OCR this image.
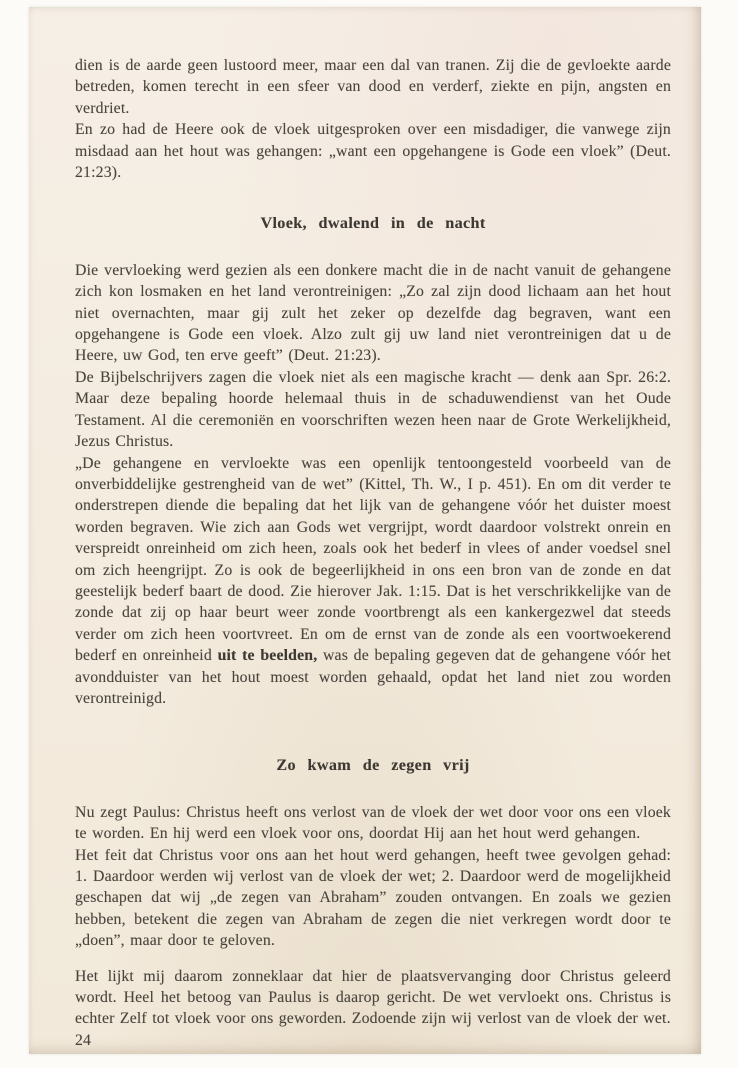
dien is de aarde geen lustoord meer, maar een dal van tranen. Zij die de gevloekte aarde betreden, komen terecht in een sfeer van dood en verderf, ziekte en pijn, angsten en verdriet.

En zo had de Heere ook de vloek uitgesproken over een misdadiger, die vanwege zijn misdaad aan het hout was gehangen: „want een opgehangene is Gode een vloek” (Deut. 21:23).

Vloek, dwalend in de nacht

Die vervloeking werd gezien als een donkere macht die in de nacht vanuit de gehangene zich kon losmaken en het land verontreinigen: „Zo zal zijn dood lichaam aan het hout niet overnachten, maar gij zult het zeker op dezelfde dag begraven, want een opgehangene is Gode een vloek. Alzo zult gij uw land niet verontreinigen dat u de Heere, uw God, ten erve geeft” (Deut. 21:23).

De Bijbelschrijvers zagen die vloek niet als een magische kracht — denk aan Spr. 26:2. Maar deze bepaling hoorde helemaal thuis in de schaduwendienst van het Oude Testament. Al die ceremoniën en voorschriften wezen heen naar de Grote Werkelijkheid, Jezus Christus.

„De gehangene en vervloekte was een openlijk tentoongesteld voorbeeld van de onverbiddelijke gestrengheid van de wet” (Kittel, Th. W., I p. 451). En om dit verder te onderstrepen diende die bepaling dat het lijk van de gehangene vóór het duister moest worden begraven. Wie zich aan Gods wet vergrijpt, wordt daardoor volstrekt onrein en verspreidt onreinheid om zich heen, zoals ook het bederf in vlees of ander voedsel snel om zich heengrijpt. Zo is ook de begeerlijkheid in ons een bron van de zonde en dat geestelijk bederf baart de dood. Zie hierover Jak. 1:15. Dat is het verschrikkelijke van de zonde dat zij op haar beurt weer zonde voortbrengt als een kankergezwel dat steeds verder om zich heen voortvreet. En om de ernst van de zonde als een voortwoekerend bederf en onreinheid uit te beelden, was de bepaling gegeven dat de gehangene vóór het avondduister van het hout moest worden gehaald, opdat het land niet zou worden verontreinigd.

Zo kwam de zegen vrij

Nu zegt Paulus: Christus heeft ons verlost van de vloek der wet door voor ons een vloek te worden. En hij werd een vloek voor ons, doordat Hij aan het hout werd gehangen.

Het feit dat Christus voor ons aan het hout werd gehangen, heeft twee gevolgen gehad: 1. Daardoor werden wij verlost van de vloek der wet; 2. Daardoor werd de mogelijkheid geschapen dat wij „de zegen van Abraham” zouden ontvangen. En zoals we gezien hebben, betekent die zegen van Abraham de zegen die niet verkregen wordt door te „doen”, maar door te geloven.

Het lijkt mij daarom zonneklaar dat hier de plaatsvervanging door Christus geleerd wordt. Heel het betoog van Paulus is daarop gericht. De wet vervloekt ons. Christus is echter Zelf tot vloek voor ons geworden. Zodoende zijn wij verlost van de vloek der wet.

24
